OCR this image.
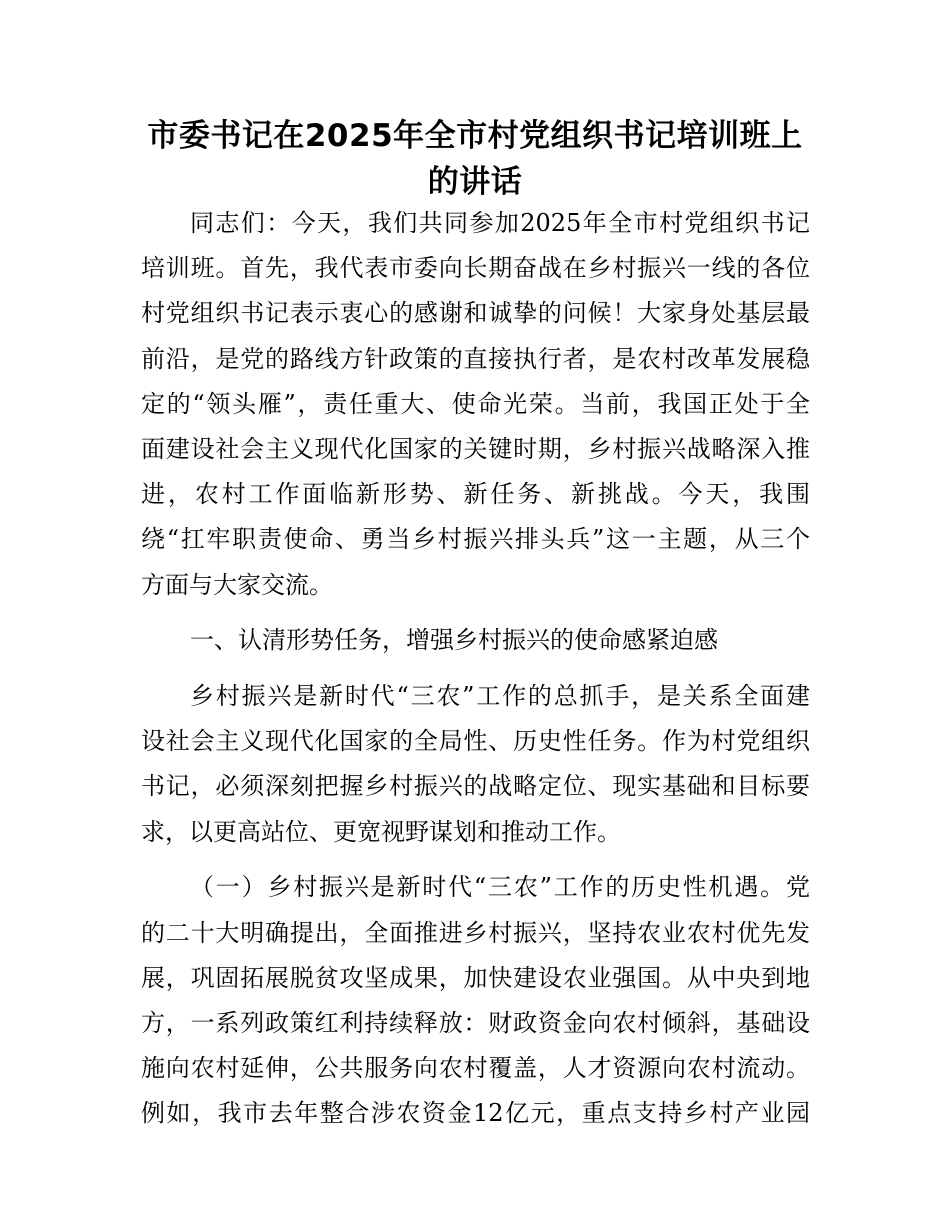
市委书记在2025年全市村党组织书记培训班上
的讲话
同志们：今天，我们共同参加2025年全市村党组织书记
培训班。首先，我代表市委向长期奋战在乡村振兴一线的各位
村党组织书记表示衷心的感谢和诚挚的问候！大家身处基层最
前沿，是党的路线方针政策的直接执行者，是农村改革发展稳
定的“领头雁”，责任重大、使命光荣。当前，我国正处于全
面建设社会主义现代化国家的关键时期，乡村振兴战略深入推
进，农村工作面临新形势、新任务、新挑战。今天，我围
绕“扛牢职责使命、勇当乡村振兴排头兵”这一主题，从三个
方面与大家交流。
一、认清形势任务，增强乡村振兴的使命感紧迫感
乡村振兴是新时代“三农”工作的总抓手，是关系全面建
设社会主义现代化国家的全局性、历史性任务。作为村党组织
书记，必须深刻把握乡村振兴的战略定位、现实基础和目标要
求，以更高站位、更宽视野谋划和推动工作。
（一）乡村振兴是新时代“三农”工作的历史性机遇。党
的二十大明确提出，全面推进乡村振兴，坚持农业农村优先发
展，巩固拓展脱贫攻坚成果，加快建设农业强国。从中央到地
方，一系列政策红利持续释放：财政资金向农村倾斜，基础设
施向农村延伸，公共服务向农村覆盖，人才资源向农村流动。
例如，我市去年整合涉农资金12亿元，重点支持乡村产业园
